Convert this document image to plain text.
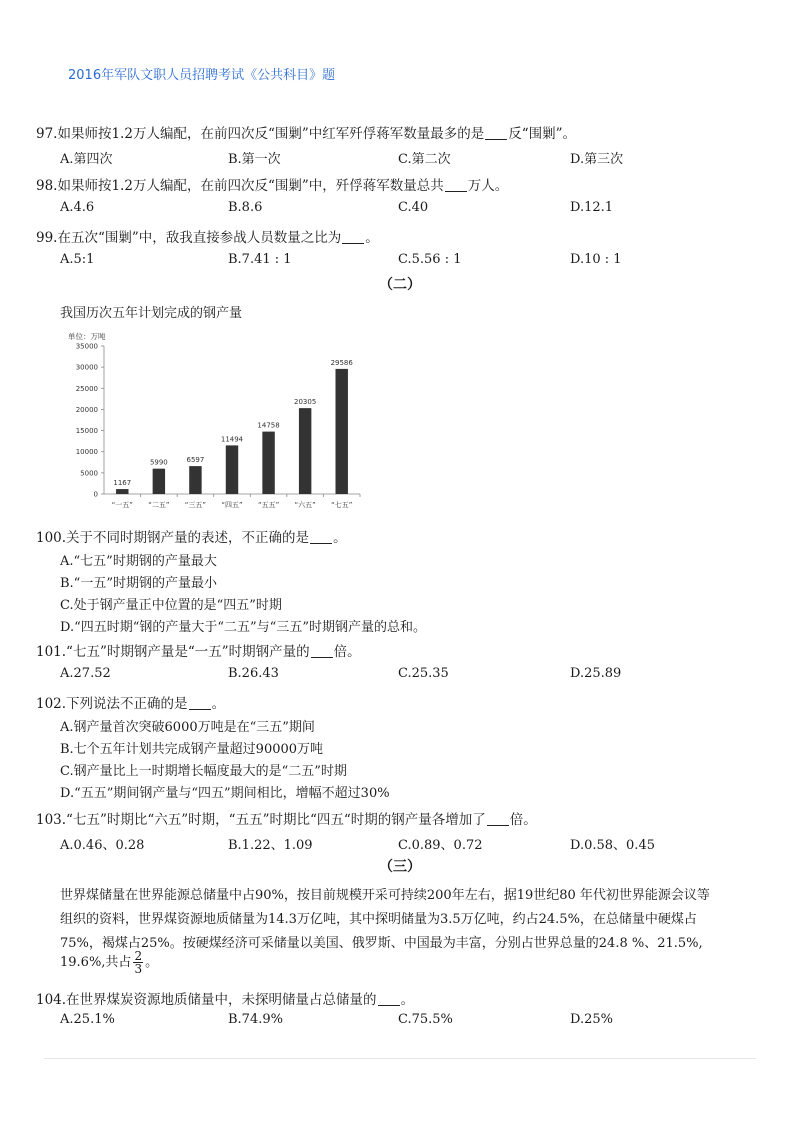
2016年军队文职人员招聘考试《公共科目》题
97.如果师按1.2万人编配，在前四次反“围剿”中红军歼俘蒋军数量最多的是 反“围剿”。
A.第四次	B.第一次	C.第二次	D.第三次
98.如果师按1.2万人编配，在前四次反“围剿”中，歼俘蒋军数量总共 万人。
A.4.6	B.8.6	C.40	D.12.1
99.在五次“围剿”中，敌我直接参战人员数量之比为 。
A.5:1	B.7.41 : 1	C.5.56 : 1	D.10 : 1
（二）
我国历次五年计划完成的钢产量
单位：万吨
0
5000
10000
15000
20000
25000
30000
35000
1167
5990	6597
11494
14758
20305
29586
“一五” “二五” “三五” “四五” “五五” “六五” “七五”
100.关于不同时期钢产量的表述，不正确的是 。
A.“七五”时期钢的产量最大
B.“一五”时期钢的产量最小
C.处于钢产量正中位置的是“四五”时期
D.“四五时期“钢的产量大于“二五”与“三五”时期钢产量的总和。
101.“七五”时期钢产量是“一五”时期钢产量的 倍。
A.27.52	B.26.43	C.25.35	D.25.89
102.下列说法不正确的是 。
A.钢产量首次突破6000万吨是在“三五”期间
B.七个五年计划共完成钢产量超过90000万吨
C.钢产量比上一时期增长幅度最大的是“二五”时期
D.“五五”期间钢产量与“四五”期间相比，增幅不超过30%
103.“七五”时期比“六五”时期，“五五”时期比“四五“时期的钢产量各增加了 倍。
A.0.46、0.28	B.1.22、1.09	C.0.89、0.72	D.0.58、0.45
（三）
世界煤储量在世界能源总储量中占90%，按目前规模开采可持续200年左右，据19世纪80 年代初世界能源会议等
组织的资料，世界煤资源地质储量为14.3万亿吨，其中探明储量为3.5万亿吨，约占24.5%，在总储量中硬煤占
75%，褐煤占25%。按硬煤经济可采储量以美国、俄罗斯、中国最为丰富，分别占世界总量的24.8 %、21.5%,
19.6%,共占 $\frac{2}{3}$ 。
104.在世界煤炭资源地质储量中，未探明储量占总储量的 。
A.25.1%	B.74.9%	C.75.5%	D.25%
